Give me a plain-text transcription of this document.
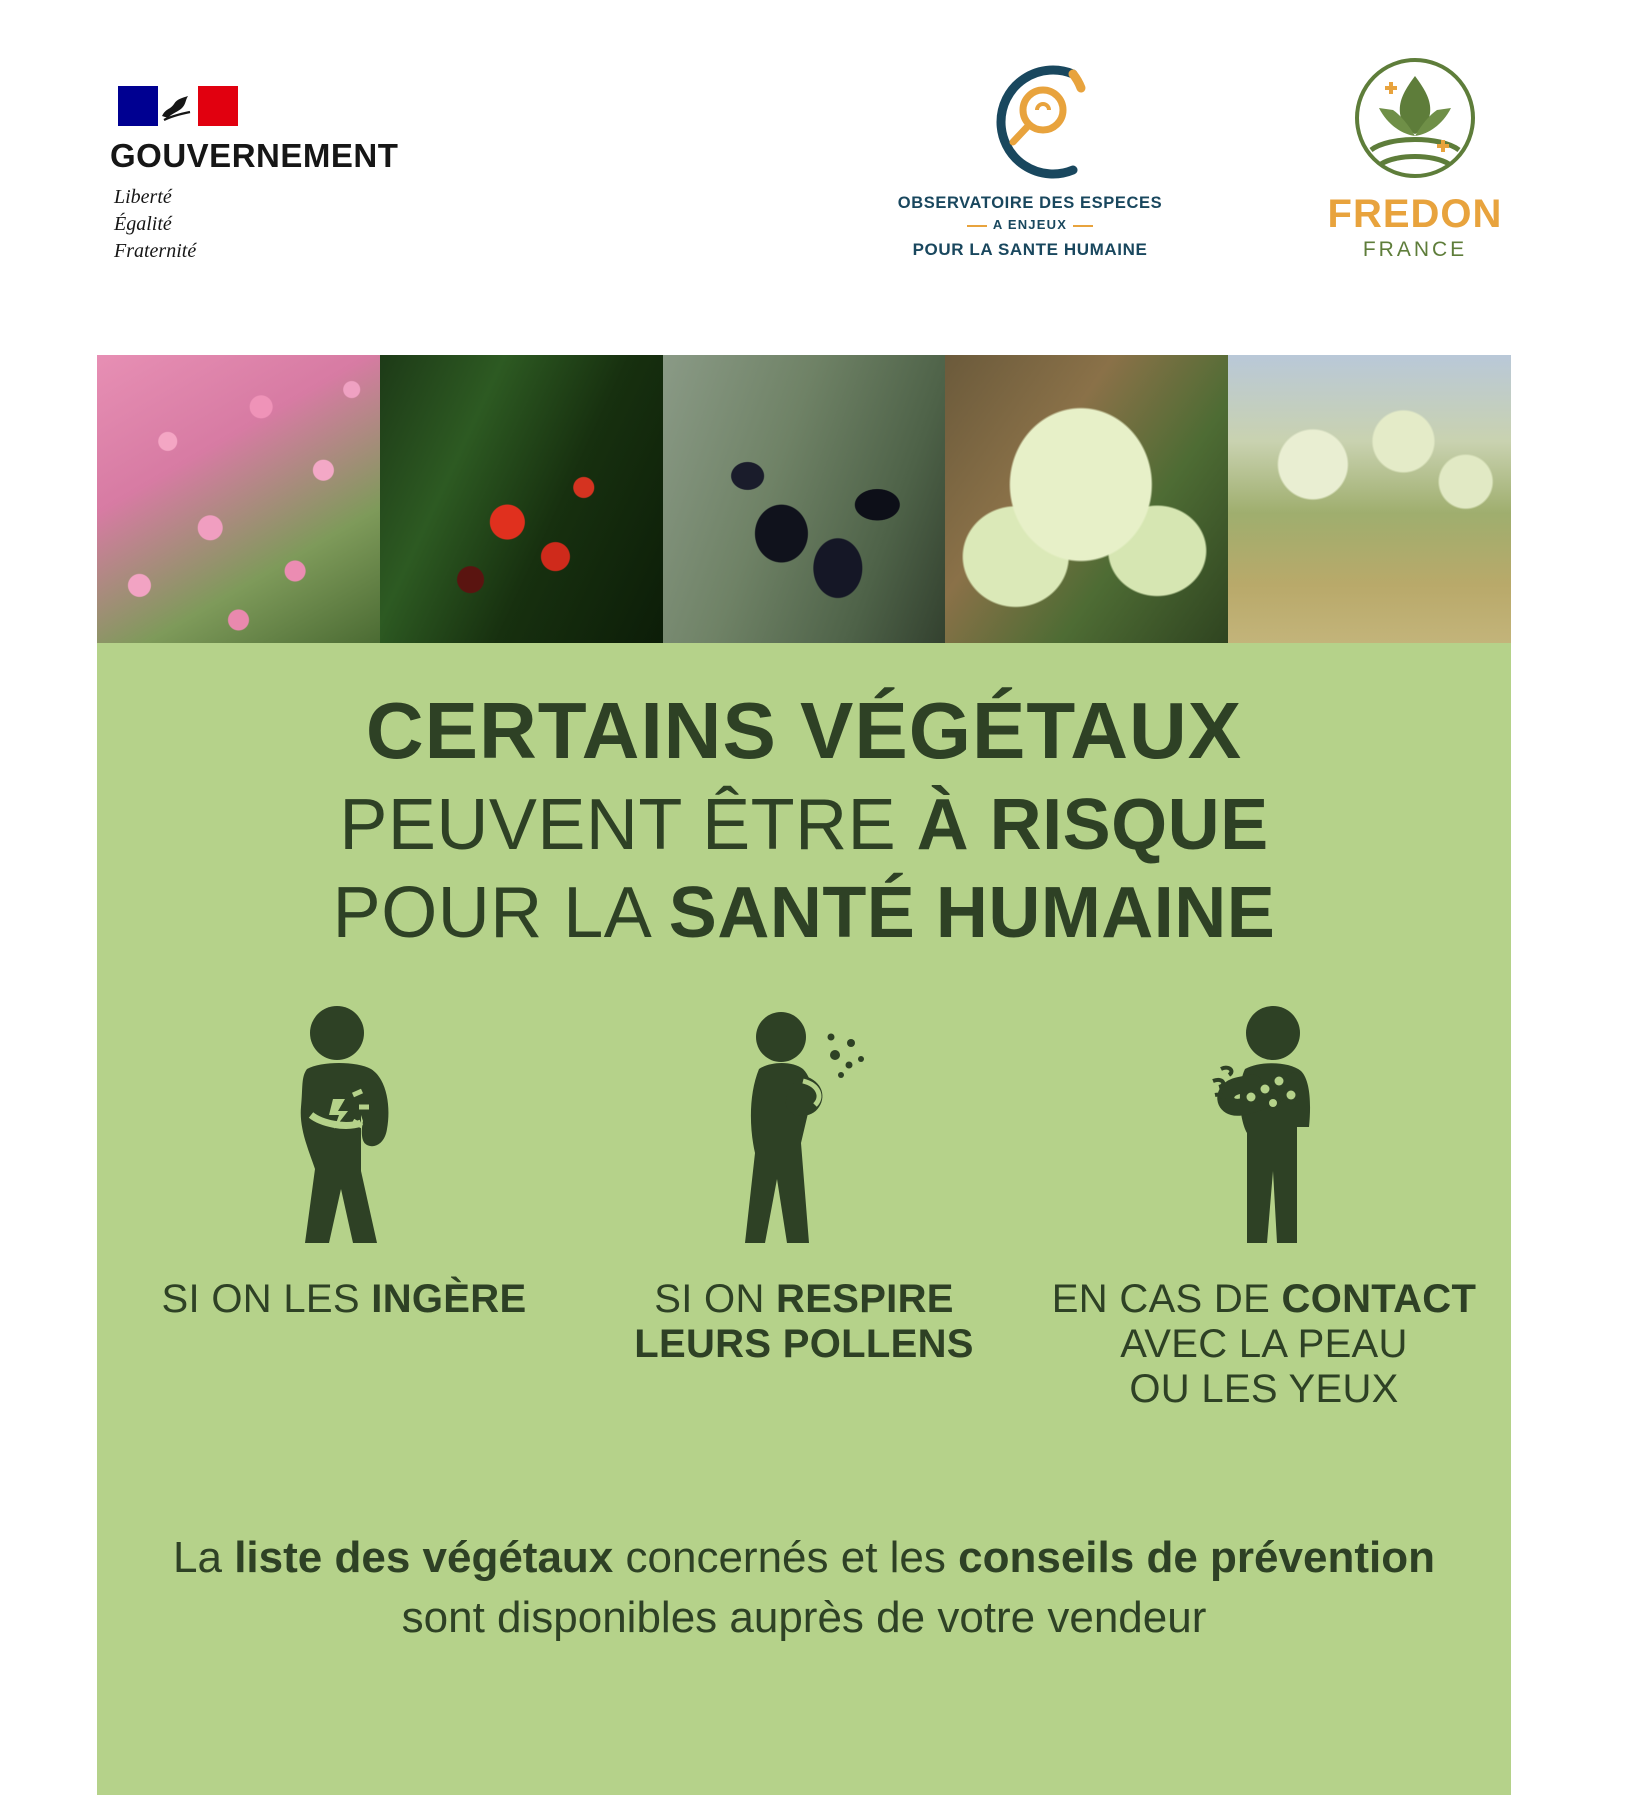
GOUVERNEMENT
Liberté
Égalité
Fraternité
OBSERVATOIRE DES ESPECES
A ENJEUX
POUR LA SANTE HUMAINE
FREDON
FRANCE
CERTAINS VÉGÉTAUX
PEUVENT ÊTRE À RISQUE
POUR LA SANTÉ HUMAINE
SI ON LES INGÈRE	SI ON RESPIRE
LEURS POLLENS
EN CAS DE CONTACT
AVEC LA PEAU
OU LES YEUX
La liste des végétaux concernés et les conseils de prévention sont disponibles auprès de votre vendeur
